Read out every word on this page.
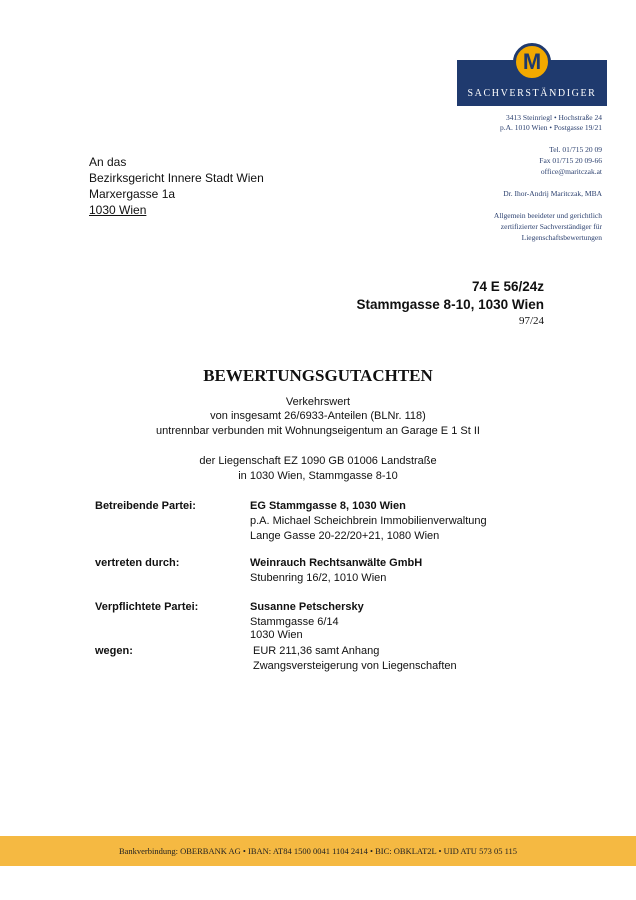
M
SACHVERSTÄNDIGER
3413 Steinriegl • Hochstraße 24
p.A. 1010 Wien • Postgasse 19/21
Tel. 01/715 20 09
Fax 01/715 20 09-66
office@maritczak.at
Dr. Ihor-Andrij Maritczak, MBA
Allgemein beeideter und gerichtlich
zertifizierter Sachverständiger für
Liegenschaftsbewertungen
An das
Bezirksgericht Innere Stadt Wien
Marxergasse 1a
1030 Wien
74 E 56/24z
Stammgasse 8-10, 1030 Wien
97/24
BEWERTUNGSGUTACHTEN
Verkehrswert
von insgesamt 26/6933-Anteilen (BLNr. 118)
untrennbar verbunden mit Wohnungseigentum an Garage E 1 St II
der Liegenschaft EZ 1090 GB 01006 Landstraße
in 1030 Wien, Stammgasse 8-10
Betreibende Partei:	EG Stammgasse 8, 1030 Wien
p.A. Michael Scheichbrein Immobilienverwaltung
Lange Gasse 20-22/20+21, 1080 Wien
vertreten durch:	Weinrauch Rechtsanwälte GmbH
Stubenring 16/2, 1010 Wien
Verpflichtete Partei:	Susanne Petschersky
Stammgasse 6/14
1030 Wien
wegen:	EUR 211,36 samt Anhang
Zwangsversteigerung von Liegenschaften
Bankverbindung: OBERBANK AG • IBAN: AT84 1500 0041 1104 2414 • BIC: OBKLAT2L • UID ATU 573 05 115
